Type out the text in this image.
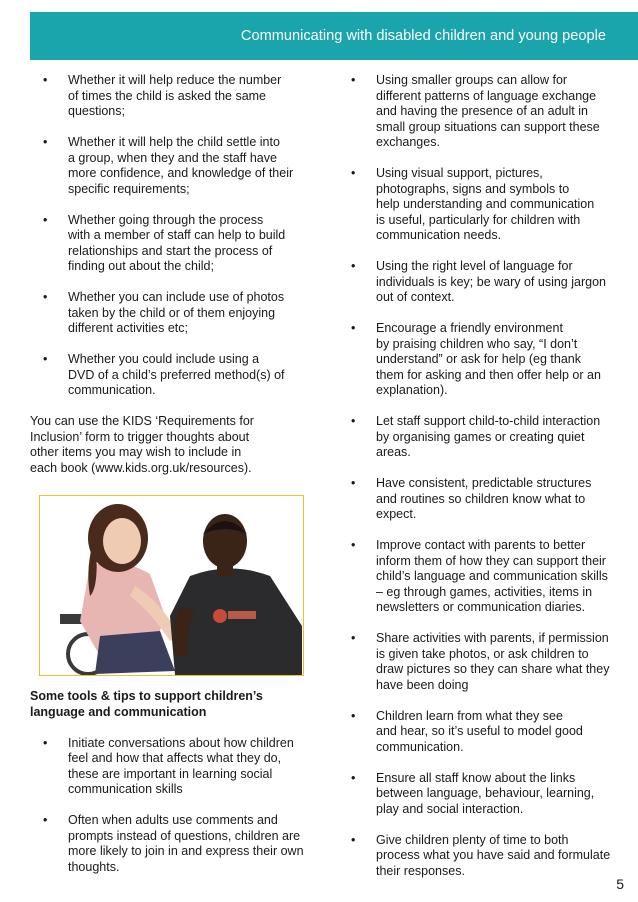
Communicating with disabled children and young people
• Whether it will help reduce the number
of times the child is asked the same
questions;
• Whether it will help the child settle into
a group, when they and the staff have
more confidence, and knowledge of their
specific requirements;
• Whether going through the process
with a member of staff can help to build
relationships and start the process of
finding out about the child;
• Whether you can include use of photos
taken by the child or of them enjoying
different activities etc;
• Whether you could include using a
DVD of a child’s preferred method(s) of
communication.

You can use the KIDS ‘Requirements for
Inclusion’ form to trigger thoughts about
other items you may wish to include in
each book (www.kids.org.uk/resources).

Some tools & tips to support children’s
language and communication

• Initiate conversations about how children
feel and how that affects what they do,
these are important in learning social
communication skills
• Often when adults use comments and
prompts instead of questions, children are
more likely to join in and express their own
thoughts.
• Using smaller groups can allow for
different patterns of language exchange
and having the presence of an adult in
small group situations can support these
exchanges.
• Using visual support, pictures,
photographs, signs and symbols to
help understanding and communication
is useful, particularly for children with
communication needs.
• Using the right level of language for
individuals is key; be wary of using jargon
out of context.
• Encourage a friendly environment
by praising children who say, “I don’t
understand” or ask for help (eg thank
them for asking and then offer help or an
explanation).
• Let staff support child-to-child interaction
by organising games or creating quiet
areas.
• Have consistent, predictable structures
and routines so children know what to
expect.
• Improve contact with parents to better
inform them of how they can support their
child’s language and communication skills
– eg through games, activities, items in
newsletters or communication diaries.
• Share activities with parents, if permission
is given take photos, or ask children to
draw pictures so they can share what they
have been doing
• Children learn from what they see
and hear, so it’s useful to model good
communication.
• Ensure all staff know about the links
between language, behaviour, learning,
play and social interaction.
• Give children plenty of time to both
process what you have said and formulate
their responses.
5
